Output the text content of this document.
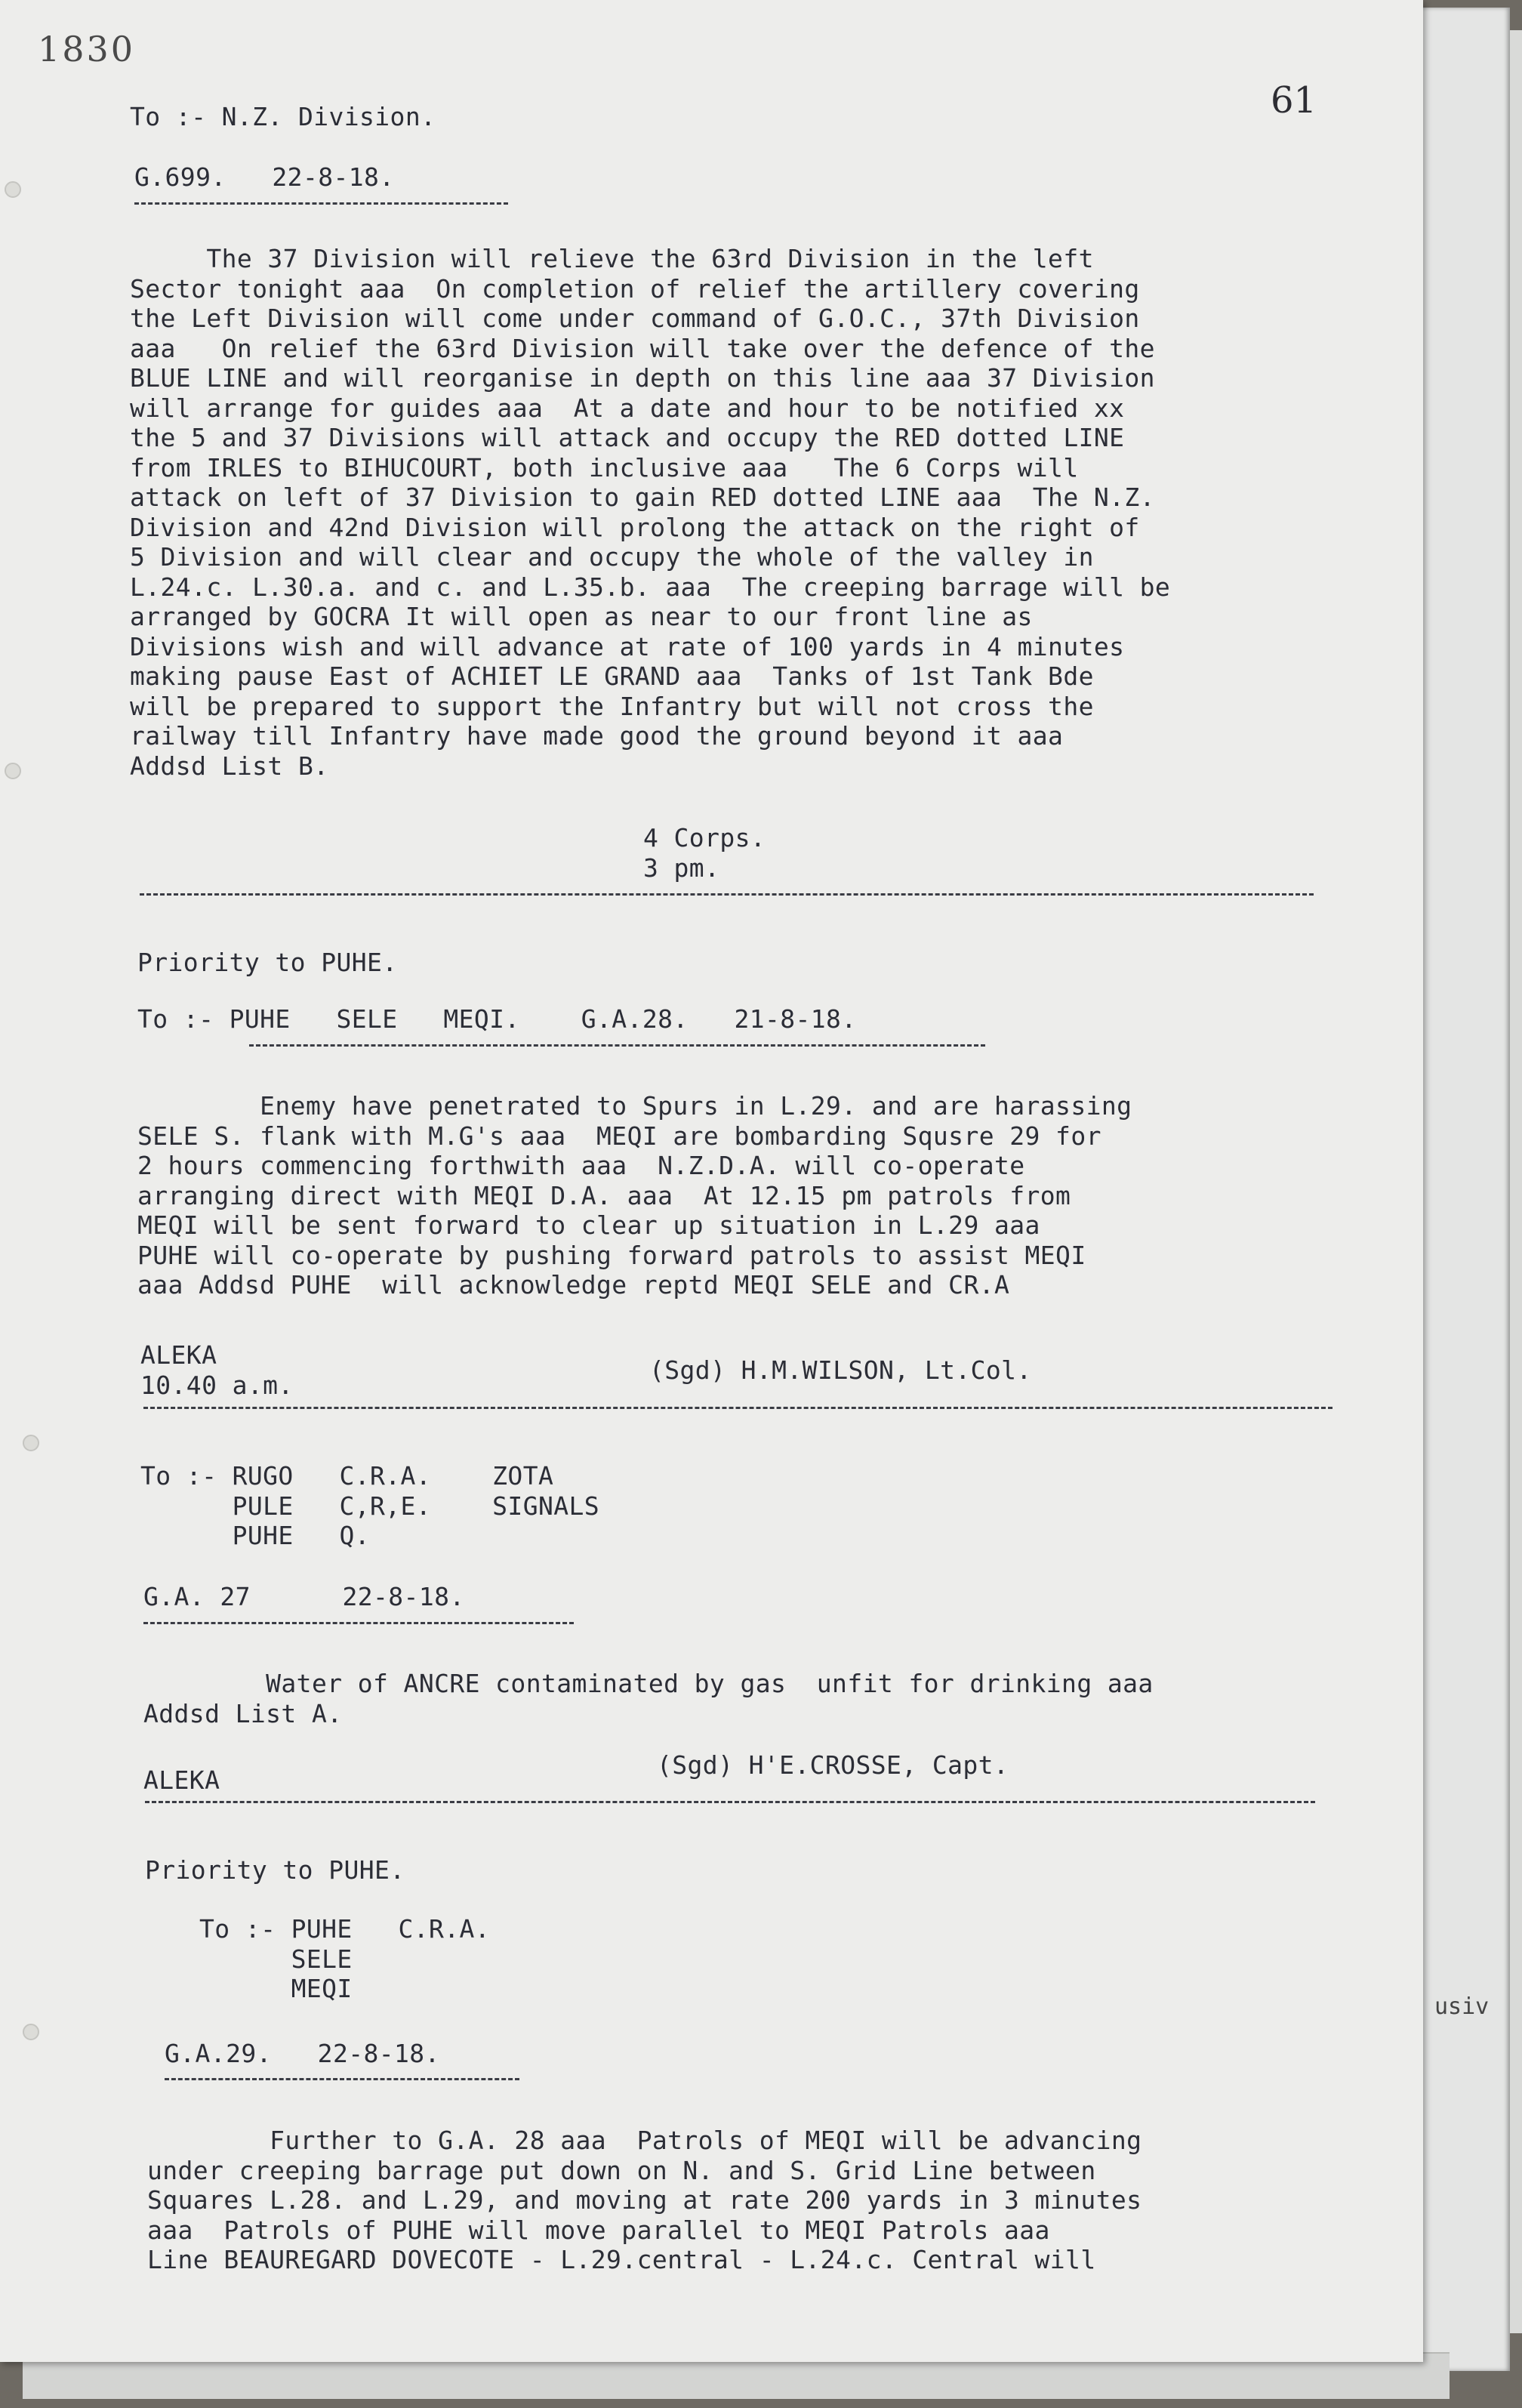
usiv
1830
61
To :- N.Z. Division.
G.699.   22-8-18.
The 37 Division will relieve the 63rd Division in the left
Sector tonight aaa  On completion of relief the artillery covering
the Left Division will come under command of G.O.C., 37th Division
aaa   On relief the 63rd Division will take over the defence of the
BLUE LINE and will reorganise in depth on this line aaa 37 Division
will arrange for guides aaa  At a date and hour to be notified xx
the 5 and 37 Divisions will attack and occupy the RED dotted LINE
from IRLES to BIHUCOURT, both inclusive aaa   The 6 Corps will
attack on left of 37 Division to gain RED dotted LINE aaa  The N.Z.
Division and 42nd Division will prolong the attack on the right of
5 Division and will clear and occupy the whole of the valley in
L.24.c. L.30.a. and c. and L.35.b. aaa  The creeping barrage will be
arranged by GOCRA It will open as near to our front line as
Divisions wish and will advance at rate of 100 yards in 4 minutes
making pause East of ACHIET LE GRAND aaa  Tanks of 1st Tank Bde
will be prepared to support the Infantry but will not cross the
railway till Infantry have made good the ground beyond it aaa
Addsd List B.
4 Corps.
3 pm.
Priority to PUHE.
To :- PUHE   SELE   MEQI.    G.A.28.   21-8-18.
Enemy have penetrated to Spurs in L.29. and are harassing
SELE S. flank with M.G's aaa  MEQI are bombarding Squsre 29 for
2 hours commencing forthwith aaa  N.Z.D.A. will co-operate
arranging direct with MEQI D.A. aaa  At 12.15 pm patrols from
MEQI will be sent forward to clear up situation in L.29 aaa
PUHE will co-operate by pushing forward patrols to assist MEQI
aaa Addsd PUHE  will acknowledge reptd MEQI SELE and CR.A
ALEKA
10.40 a.m.
(Sgd) H.M.WILSON, Lt.Col.
To :- RUGO   C.R.A.    ZOTA
PULE   C,R,E.    SIGNALS
PUHE   Q.
G.A. 27      22-8-18.
Water of ANCRE contaminated by gas  unfit for drinking aaa
Addsd List A.
ALEKA
(Sgd) H'E.CROSSE, Capt.
Priority to PUHE.
To :- PUHE   C.R.A.
SELE
MEQI
G.A.29.   22-8-18.
Further to G.A. 28 aaa  Patrols of MEQI will be advancing
under creeping barrage put down on N. and S. Grid Line between
Squares L.28. and L.29, and moving at rate 200 yards in 3 minutes
aaa  Patrols of PUHE will move parallel to MEQI Patrols aaa
Line BEAUREGARD DOVECOTE - L.29.central - L.24.c. Central will
